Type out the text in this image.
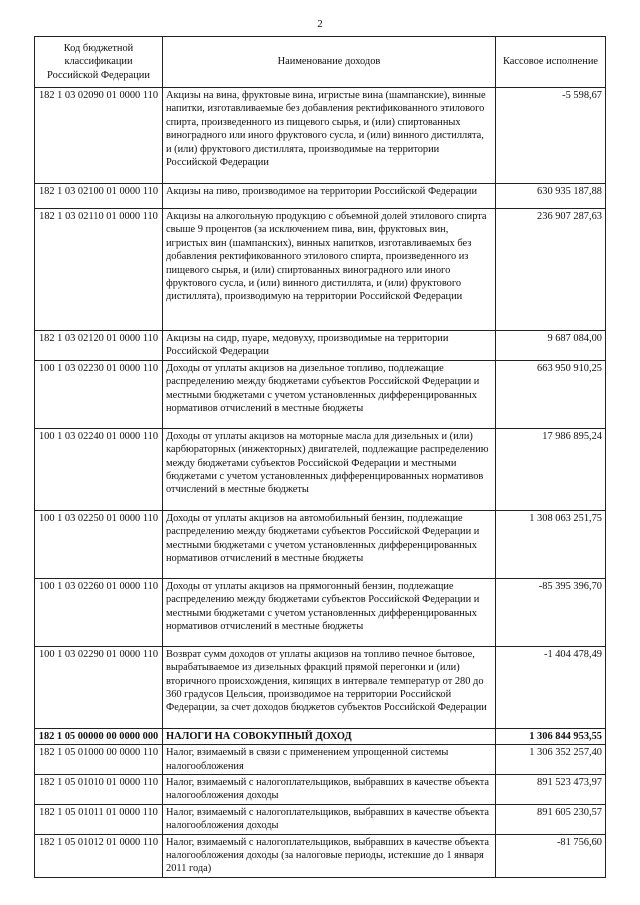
2
Код бюджетной классификации Российской Федерации	Наименование доходов	Кассовое исполнение
182 1 03 02090 01 0000 110	Акцизы на вина, фруктовые вина, игристые вина (шампанские), винные напитки, изготавливаемые без добавления ректификованного этилового спирта, произведенного из пищевого сырья, и (или) спиртованных виноградного или иного фруктового сусла, и (или) винного дистиллята, и (или) фруктового дистиллята, производимые на территории Российской Федерации	-5 598,67
182 1 03 02100 01 0000 110	Акцизы на пиво, производимое на территории Российской Федерации	630 935 187,88
182 1 03 02110 01 0000 110	Акцизы на алкогольную продукцию с объемной долей этилового спирта свыше 9 процентов (за исключением пива, вин, фруктовых вин, игристых вин (шампанских), винных напитков, изготавливаемых без добавления ректификованного этилового спирта, произведенного из пищевого сырья, и (или) спиртованных виноградного или иного фруктового сусла, и (или) винного дистиллята, и (или) фруктового дистиллята), производимую на территории Российской Федерации	236 907 287,63
182 1 03 02120 01 0000 110	Акцизы на сидр, пуаре, медовуху, производимые на территории Российской Федерации	9 687 084,00
100 1 03 02230 01 0000 110	Доходы от уплаты акцизов на дизельное топливо, подлежащие распределению между бюджетами субъектов Российской Федерации и местными бюджетами с учетом установленных дифференцированных нормативов отчислений в местные бюджеты	663 950 910,25
100 1 03 02240 01 0000 110	Доходы от уплаты акцизов на моторные масла для дизельных и (или) карбюраторных (инжекторных) двигателей, подлежащие распределению между бюджетами субъектов Российской Федерации и местными бюджетами с учетом установленных дифференцированных нормативов отчислений в местные бюджеты	17 986 895,24
100 1 03 02250 01 0000 110	Доходы от уплаты акцизов на автомобильный бензин, подлежащие распределению между бюджетами субъектов Российской Федерации и местными бюджетами с учетом установленных дифференцированных нормативов отчислений в местные бюджеты	1 308 063 251,75
100 1 03 02260 01 0000 110	Доходы от уплаты акцизов на прямогонный бензин, подлежащие распределению между бюджетами субъектов Российской Федерации и местными бюджетами с учетом установленных дифференцированных нормативов отчислений в местные бюджеты	-85 395 396,70
100 1 03 02290 01 0000 110	Возврат сумм доходов от уплаты акцизов на топливо печное бытовое, вырабатываемое из дизельных фракций прямой перегонки и (или) вторичного происхождения, кипящих в интервале температур от 280 до 360 градусов Цельсия, производимое на территории Российской Федерации, за счет доходов бюджетов субъектов Российской Федерации	-1 404 478,49
182 1 05 00000 00 0000 000	НАЛОГИ НА СОВОКУПНЫЙ ДОХОД	1 306 844 953,55
182 1 05 01000 00 0000 110	Налог, взимаемый в связи с применением упрощенной системы налогообложения	1 306 352 257,40
182 1 05 01010 01 0000 110	Налог, взимаемый с налогоплательщиков, выбравших в качестве объекта налогообложения доходы	891 523 473,97
182 1 05 01011 01 0000 110	Налог, взимаемый с налогоплательщиков, выбравших в качестве объекта налогообложения доходы	891 605 230,57
182 1 05 01012 01 0000 110	Налог, взимаемый с налогоплательщиков, выбравших в качестве объекта налогообложения доходы (за налоговые периоды, истекшие до 1 января 2011 года)	-81 756,60
